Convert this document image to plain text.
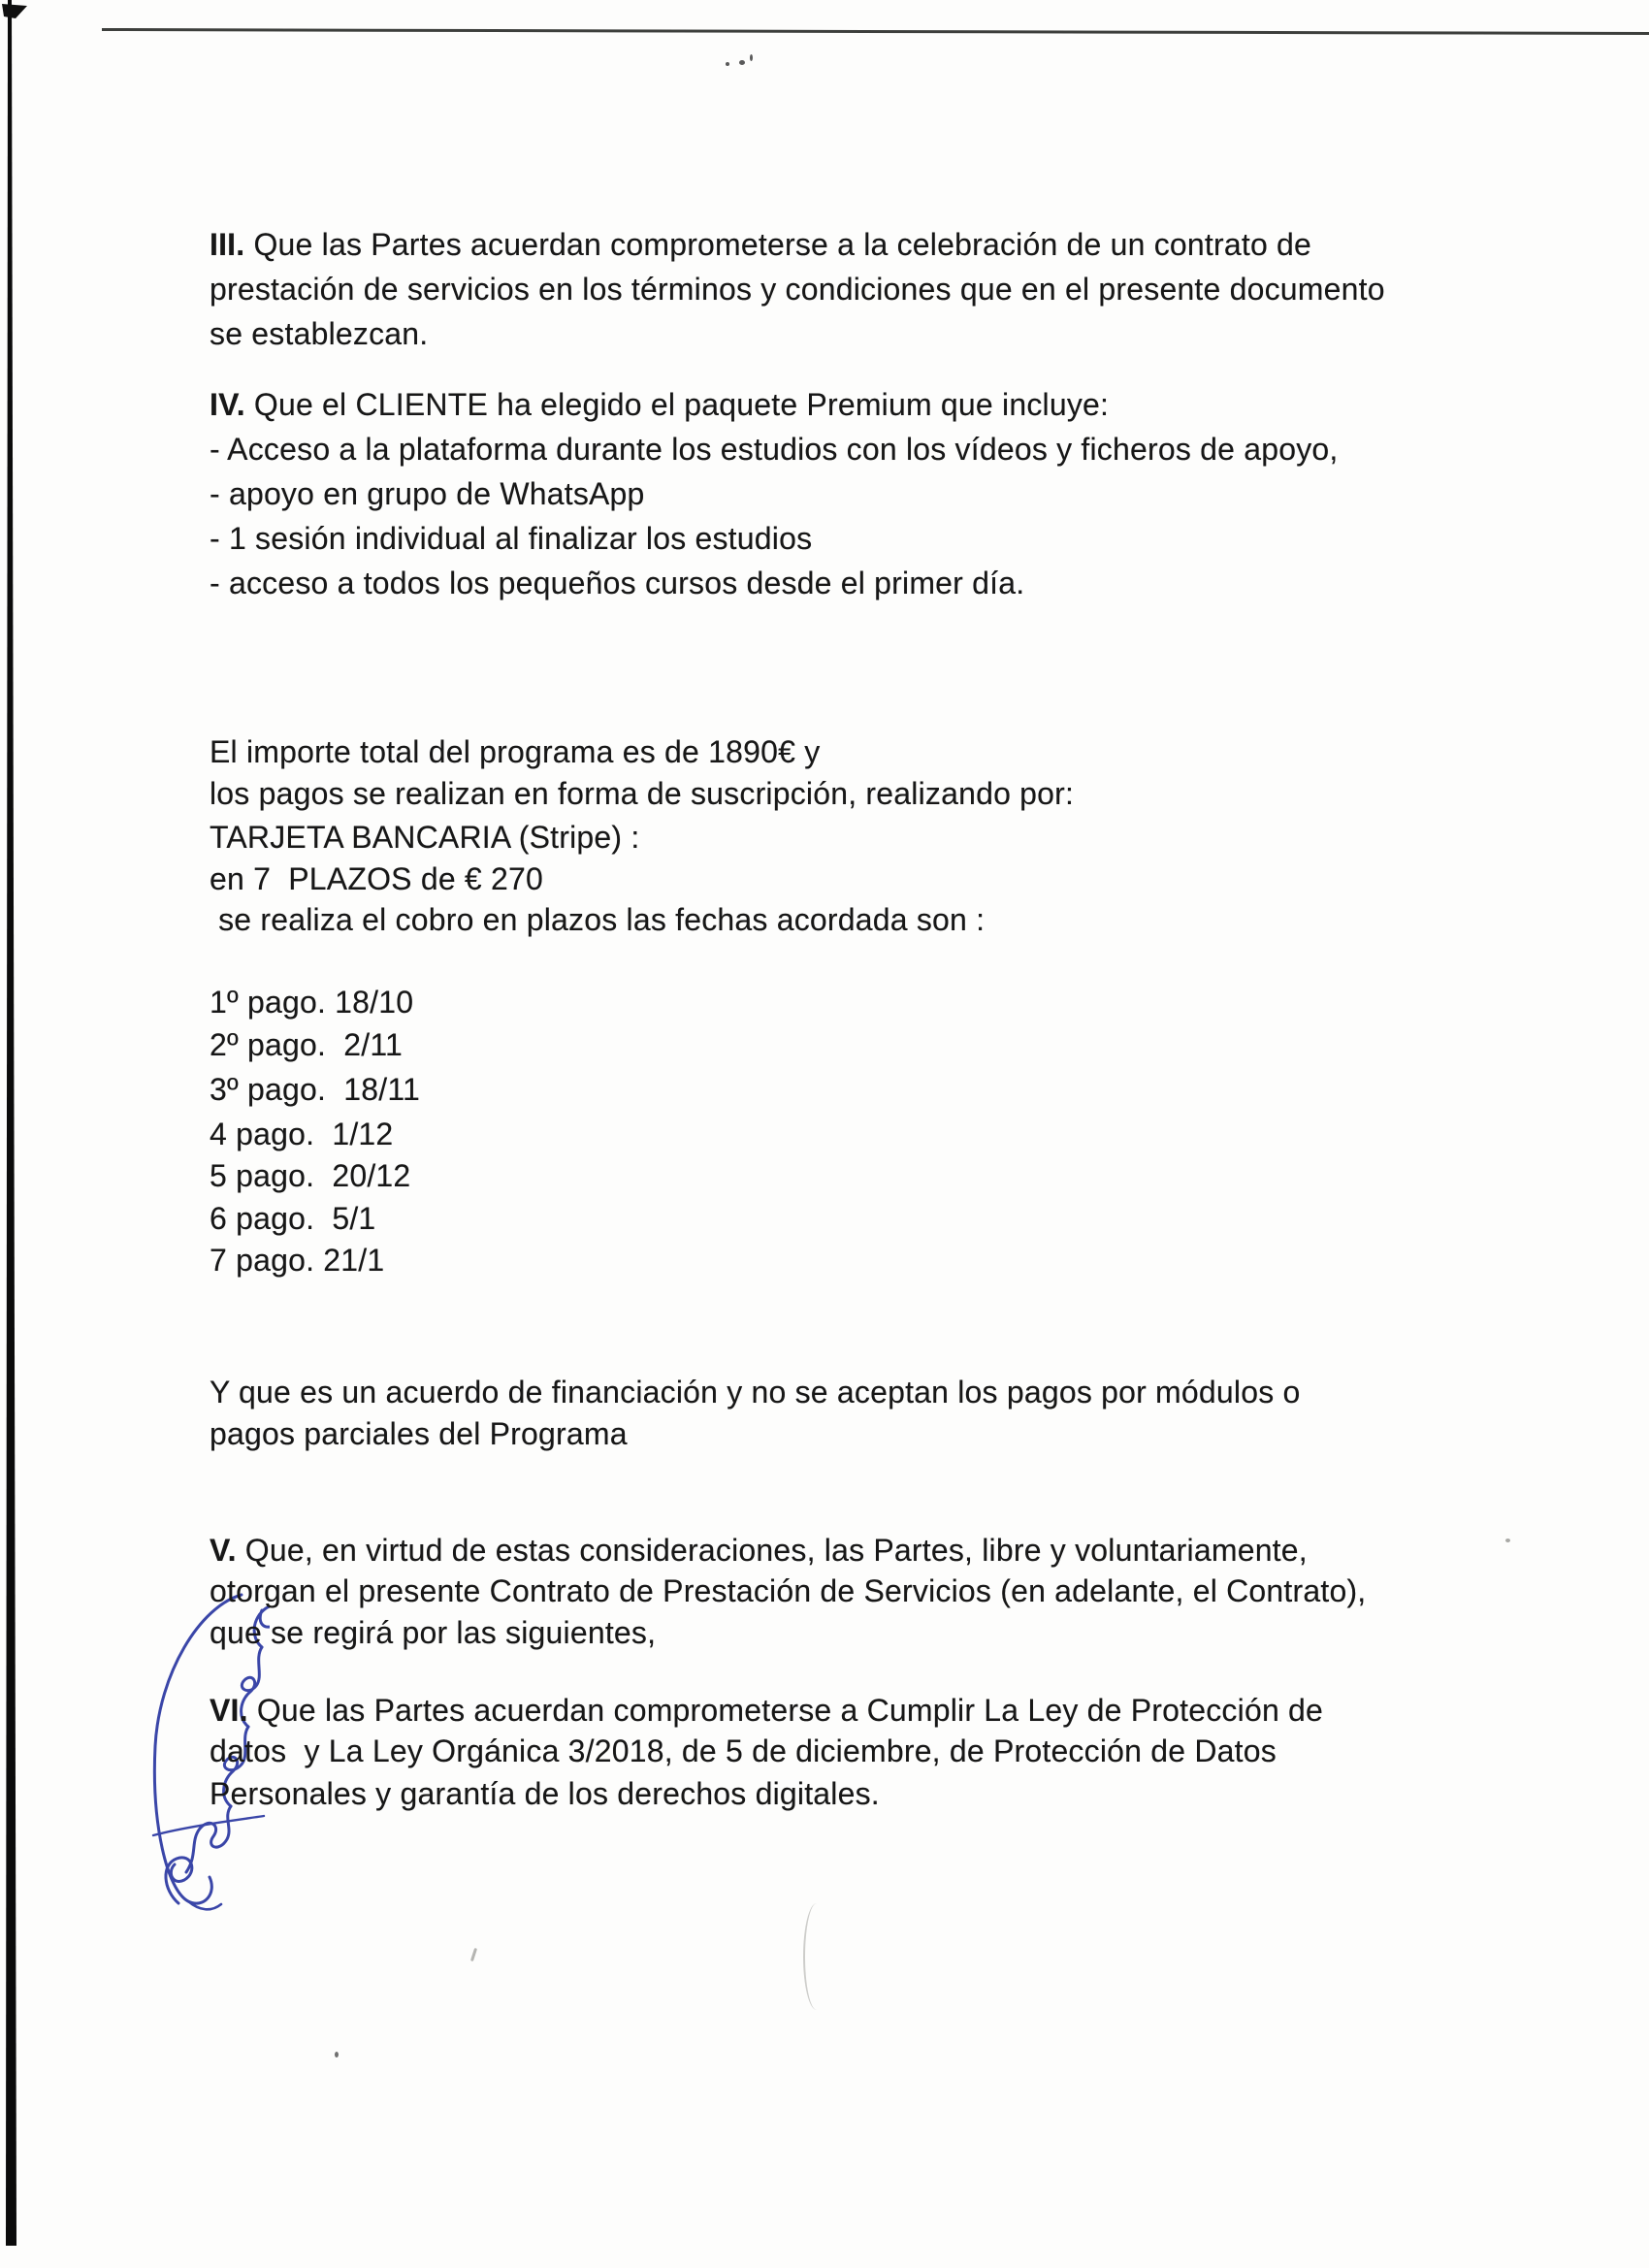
III. Que las Partes acuerdan comprometerse a la celebración de un contrato de
prestación de servicios en los términos y condiciones que en el presente documento
se establezcan.
IV. Que el CLIENTE ha elegido el paquete Premium que incluye:
- Acceso a la plataforma durante los estudios con los vídeos y ficheros de apoyo,
- apoyo en grupo de WhatsApp
- 1 sesión individual al finalizar los estudios
- acceso a todos los pequeños cursos desde el primer día.
El importe total del programa es de 1890€ y
los pagos se realizan en forma de suscripción, realizando por:
TARJETA BANCARIA (Stripe) :
en 7  PLAZOS de € 270
se realiza el cobro en plazos las fechas acordada son :
1º pago. 18/10
2º pago.  2/11
3º pago.  18/11
4 pago.  1/12
5 pago.  20/12
6 pago.  5/1
7 pago. 21/1
Y que es un acuerdo de financiación y no se aceptan los pagos por módulos o
pagos parciales del Programa
V. Que, en virtud de estas consideraciones, las Partes, libre y voluntariamente,
otorgan el presente Contrato de Prestación de Servicios (en adelante, el Contrato),
que se regirá por las siguientes,
VI. Que las Partes acuerdan comprometerse a Cumplir La Ley de Protección de
datos  y La Ley Orgánica 3/2018, de 5 de diciembre, de Protección de Datos
Personales y garantía de los derechos digitales.
